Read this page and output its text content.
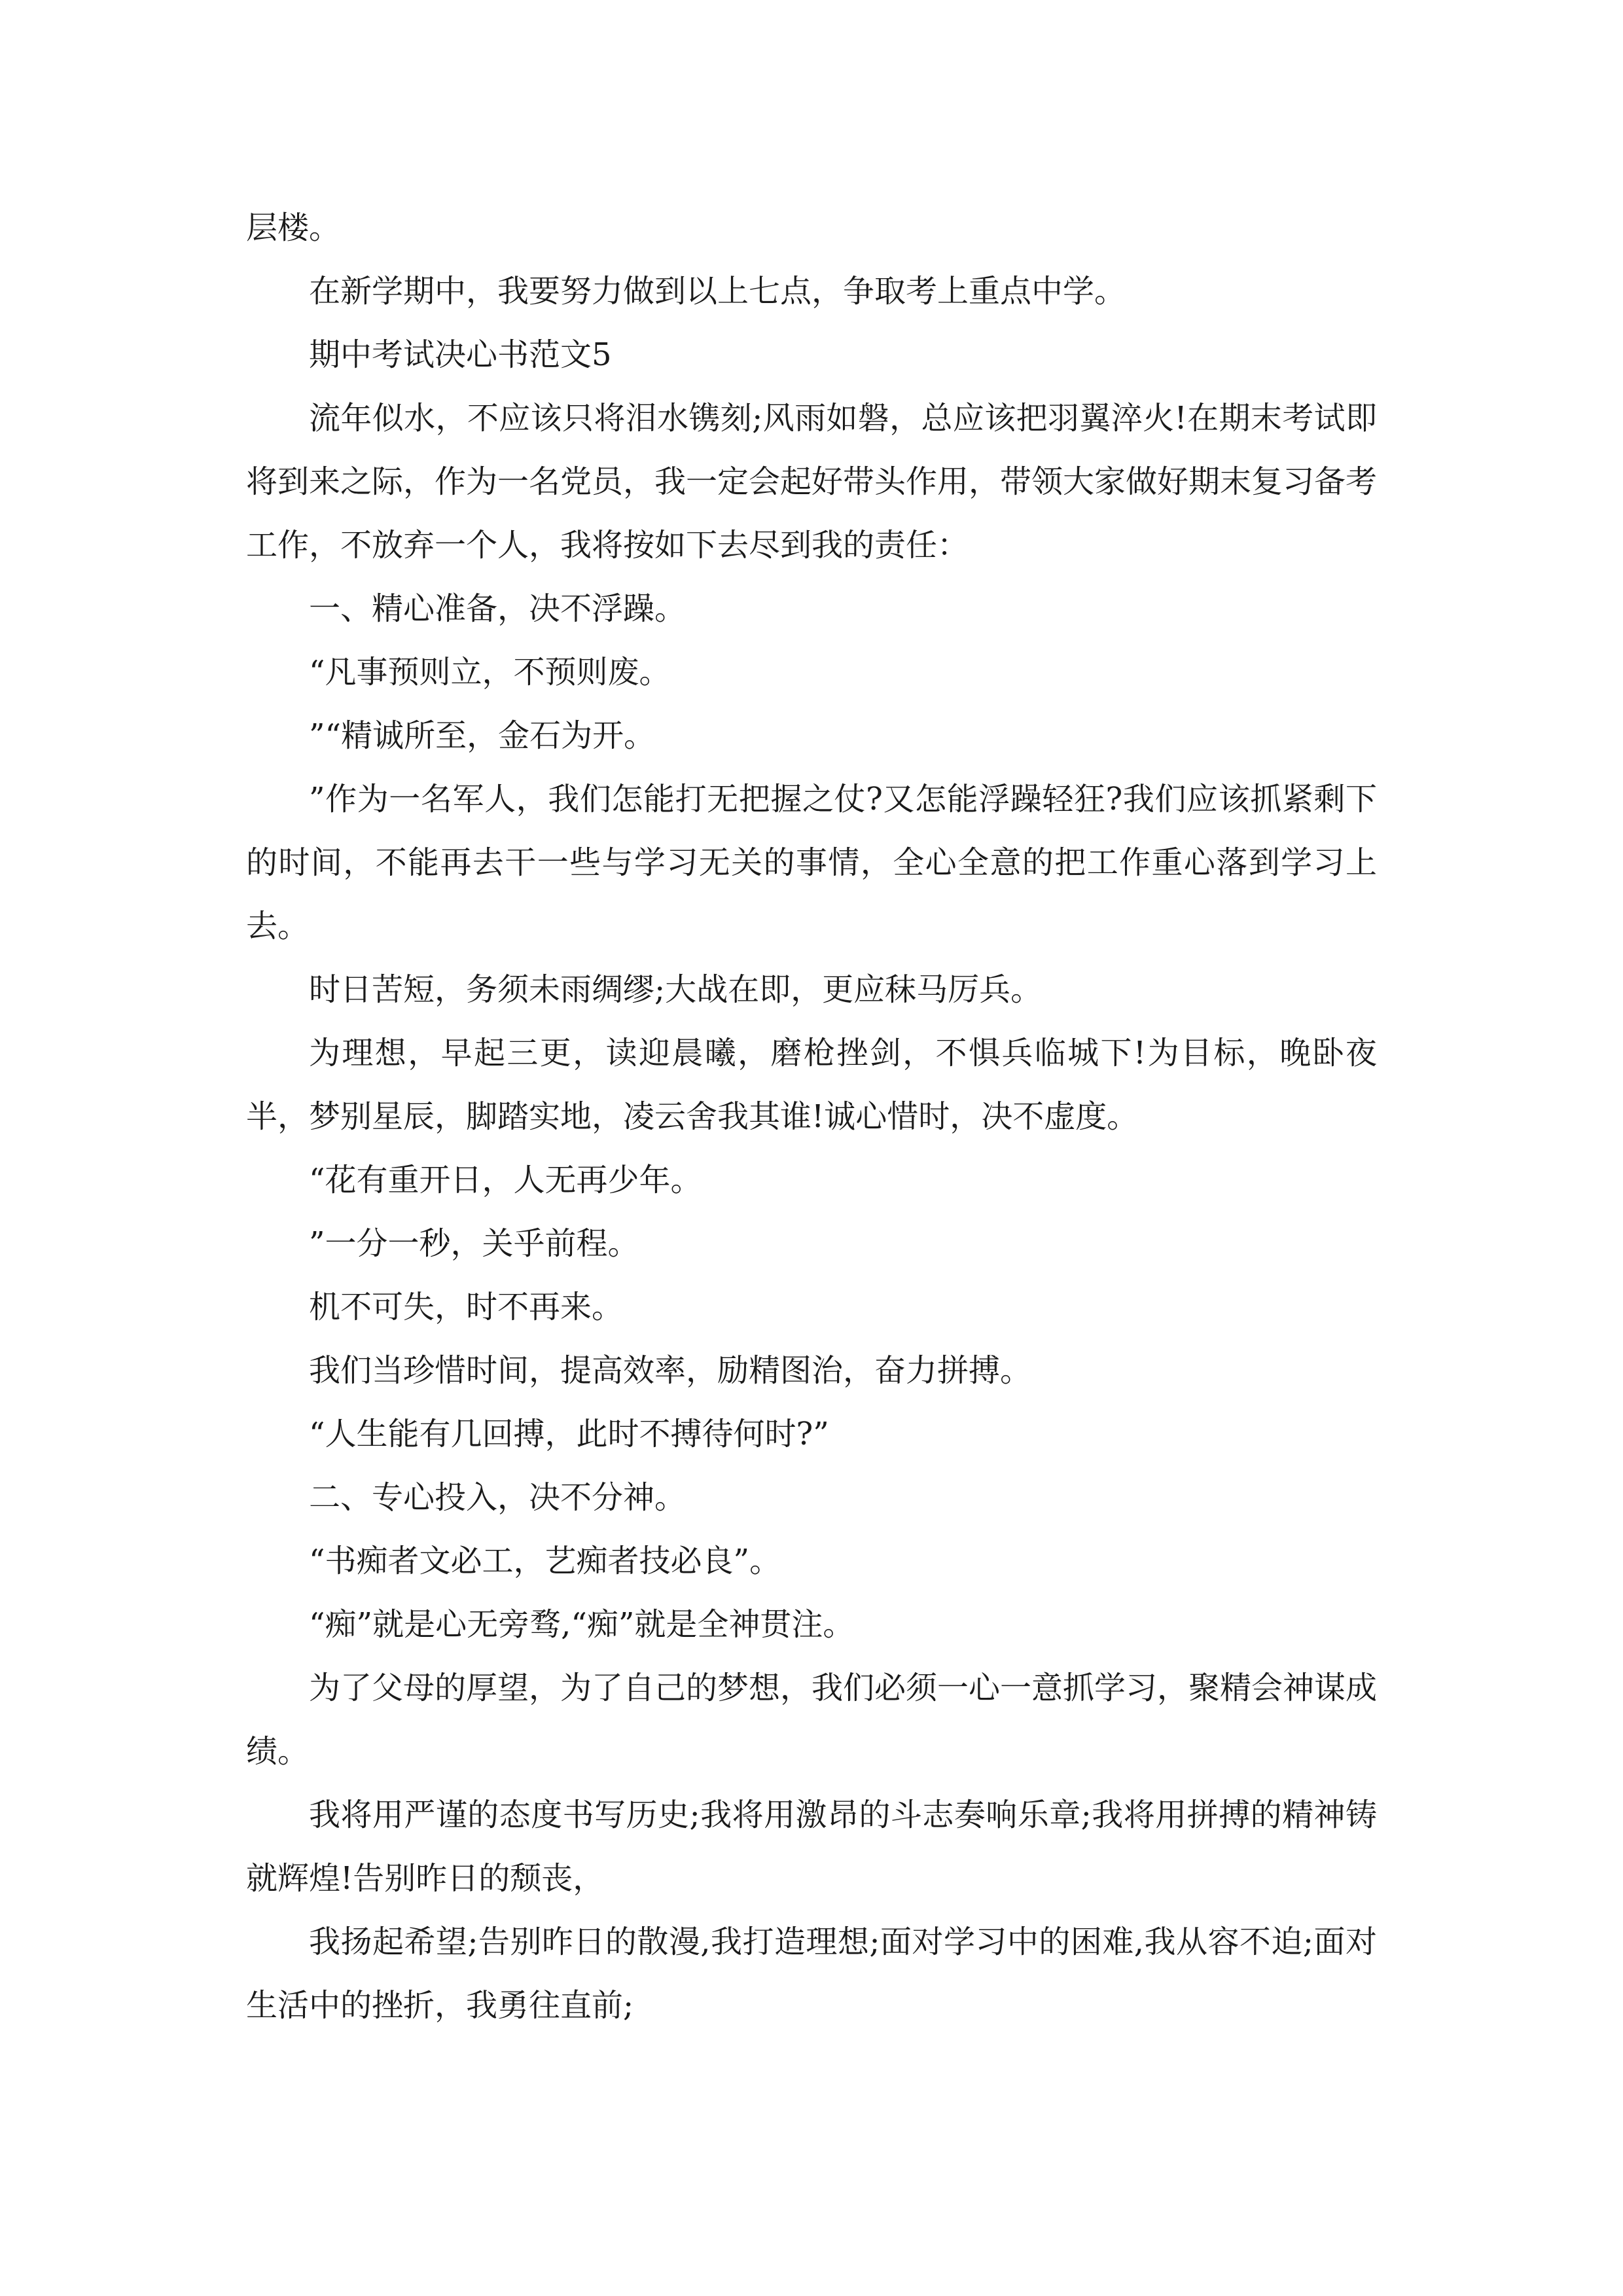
层楼。

在新学期中，我要努力做到以上七点，争取考上重点中学。

期中考试决心书范文5

流年似水，不应该只将泪水镌刻;风雨如磐，总应该把羽翼淬火!在期末考试即将到来之际，作为一名党员，我一定会起好带头作用，带领大家做好期末复习备考工作，不放弃一个人，我将按如下去尽到我的责任：

一、精心准备，决不浮躁。

“凡事预则立，不预则废。

”“精诚所至，金石为开。

”作为一名军人，我们怎能打无把握之仗?又怎能浮躁轻狂?我们应该抓紧剩下的时间，不能再去干一些与学习无关的事情，全心全意的把工作重心落到学习上去。

时日苦短，务须未雨绸缪;大战在即，更应秣马厉兵。

为理想，早起三更，读迎晨曦，磨枪挫剑，不惧兵临城下!为目标，晚卧夜半，梦别星辰，脚踏实地，凌云舍我其谁!诚心惜时，决不虚度。

“花有重开日，人无再少年。

”一分一秒，关乎前程。

机不可失，时不再来。

我们当珍惜时间，提高效率，励精图治，奋力拼搏。

“人生能有几回搏，此时不搏待何时?”

二、专心投入，决不分神。

“书痴者文必工，艺痴者技必良”。

“痴”就是心无旁骛,“痴”就是全神贯注。

为了父母的厚望，为了自己的梦想，我们必须一心一意抓学习，聚精会神谋成绩。

我将用严谨的态度书写历史;我将用激昂的斗志奏响乐章;我将用拼搏的精神铸就辉煌!告别昨日的颓丧，

我扬起希望;告别昨日的散漫,我打造理想;面对学习中的困难,我从容不迫;面对生活中的挫折，我勇往直前;
